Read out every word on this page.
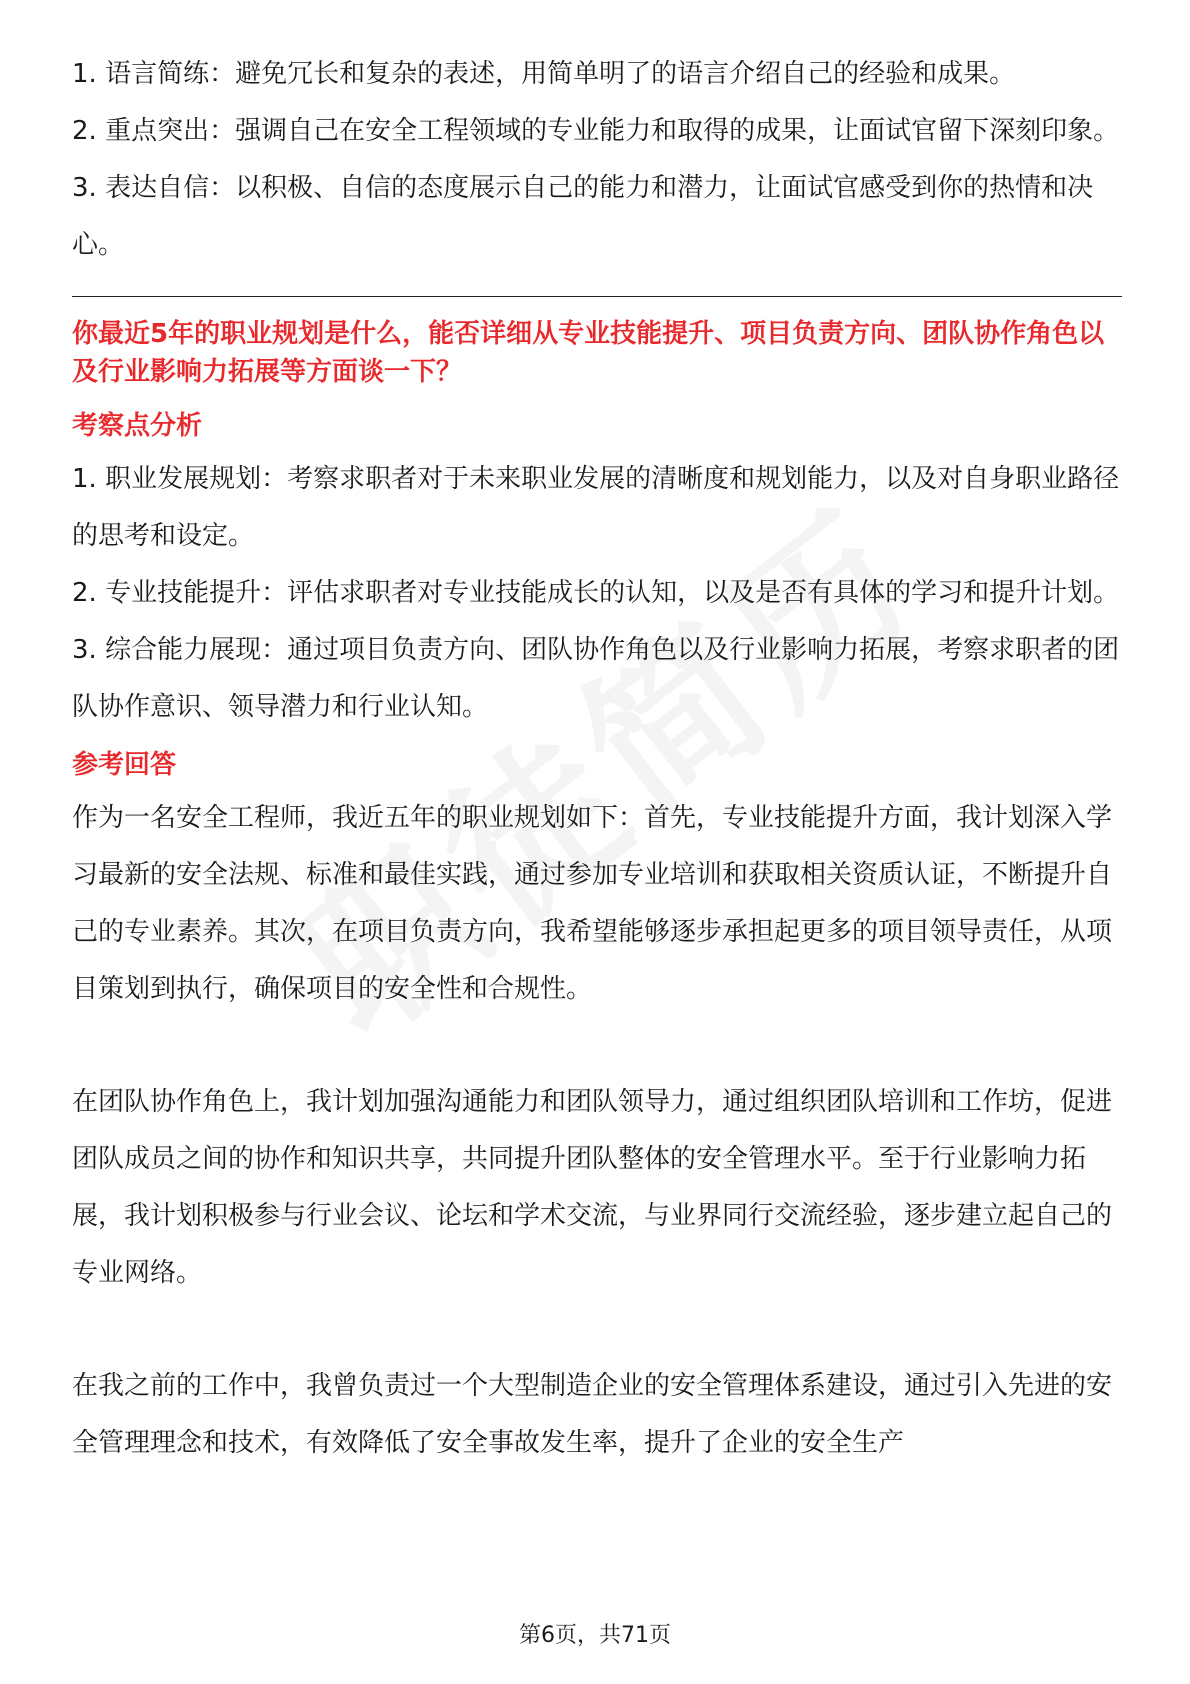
1. 语言简练：避免冗长和复杂的表述，用简单明了的语言介绍自己的经验和成果。

2. 重点突出：强调自己在安全工程领域的专业能力和取得的成果，让面试官留下深刻印象。

3. 表达自信：以积极、自信的态度展示自己的能力和潜力，让面试官感受到你的热情和决心。

你最近5年的职业规划是什么，能否详细从专业技能提升、项目负责方向、团队协作角色以及行业影响力拓展等方面谈一下？

考察点分析

1. 职业发展规划：考察求职者对于未来职业发展的清晰度和规划能力，以及对自身职业路径的思考和设定。

2. 专业技能提升：评估求职者对专业技能成长的认知，以及是否有具体的学习和提升计划。

3. 综合能力展现：通过项目负责方向、团队协作角色以及行业影响力拓展，考察求职者的团队协作意识、领导潜力和行业认知。

参考回答

作为一名安全工程师，我近五年的职业规划如下：首先，专业技能提升方面，我计划深入学习最新的安全法规、标准和最佳实践，通过参加专业培训和获取相关资质认证，不断提升自己的专业素养。其次，在项目负责方向，我希望能够逐步承担起更多的项目领导责任，从项目策划到执行，确保项目的安全性和合规性。

在团队协作角色上，我计划加强沟通能力和团队领导力，通过组织团队培训和工作坊，促进团队成员之间的协作和知识共享，共同提升团队整体的安全管理水平。至于行业影响力拓展，我计划积极参与行业会议、论坛和学术交流，与业界同行交流经验，逐步建立起自己的专业网络。

在我之前的工作中，我曾负责过一个大型制造企业的安全管理体系建设，通过引入先进的安全管理理念和技术，有效降低了安全事故发生率，提升了企业的安全生产

第6页，共71页
